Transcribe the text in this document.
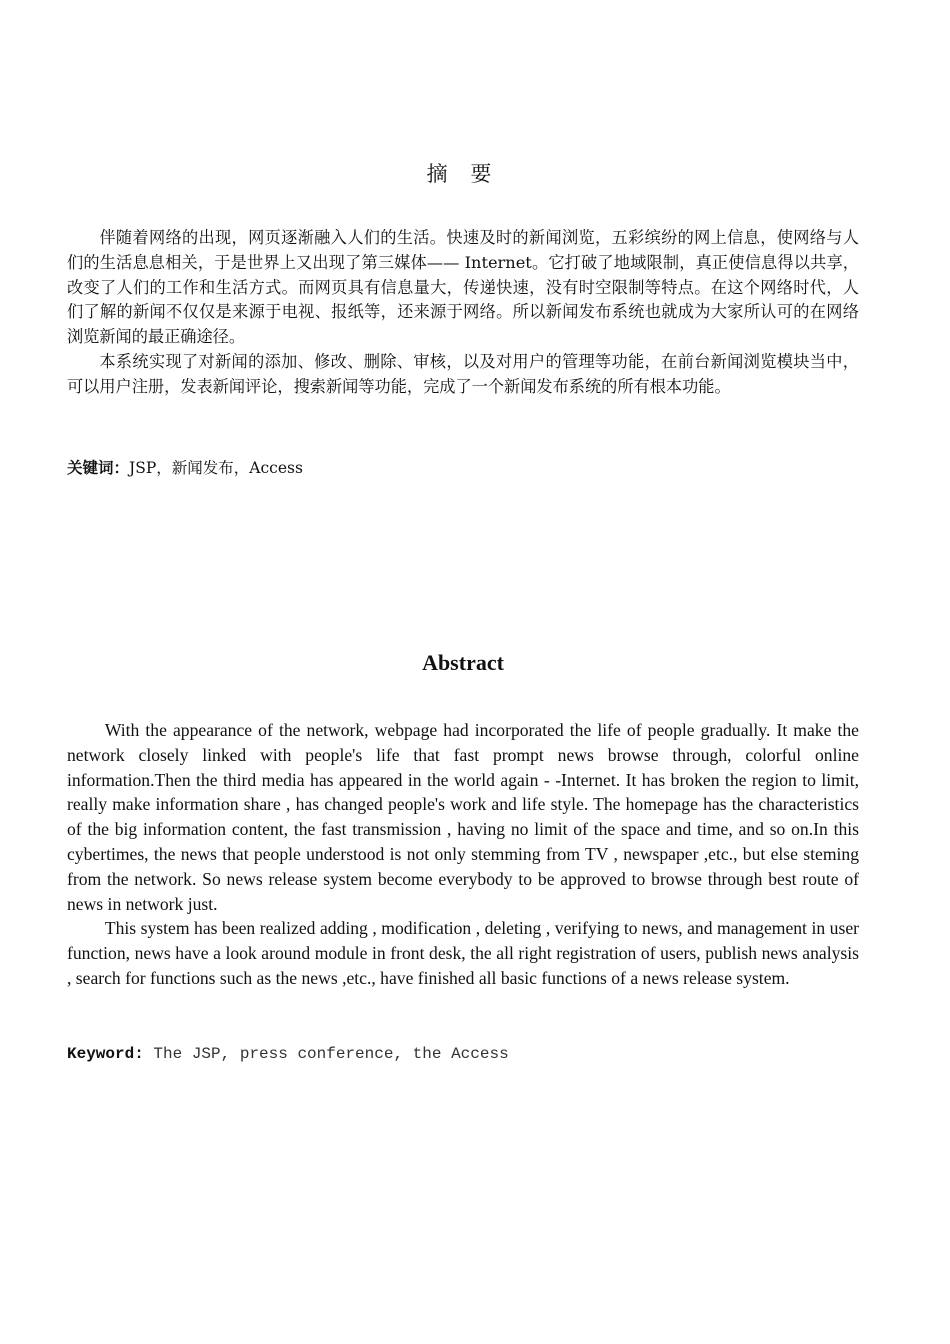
摘 要

伴随着网络的出现，网页逐渐融入人们的生活。快速及时的新闻浏览，五彩缤纷的网上信息，使网络与人们的生活息息相关，于是世界上又出现了第三媒体—— Internet。它打破了地域限制，真正使信息得以共享，改变了人们的工作和生活方式。而网页具有信息量大，传递快速，没有时空限制等特点。在这个网络时代，人们了解的新闻不仅仅是来源于电视、报纸等，还来源于网络。所以新闻发布系统也就成为大家所认可的在网络浏览新闻的最正确途径。

本系统实现了对新闻的添加、修改、删除、审核，以及对用户的管理等功能，在前台新闻浏览模块当中，可以用户注册，发表新闻评论，搜索新闻等功能，完成了一个新闻发布系统的所有根本功能。

关键词：JSP，新闻发布，Access
Abstract

With the appearance of the network, webpage had incorporated the life of people gradually. It make the network closely linked with people's life that fast prompt news browse through, colorful online information.Then the third media has appeared in the world again - -Internet. It has broken the region to limit, really make information share , has changed people's work and life style. The homepage has the characteristics of the big information content, the fast transmission , having no limit of the space and time, and so on.In this cybertimes, the news that people understood is not only stemming from TV , newspaper ,etc., but else steming from the network. So news release system become everybody to be approved to browse through best route of news in network just.

This system has been realized adding , modification , deleting , verifying to news, and management in user function, news have a look around module in front desk, the all right registration of users, publish news analysis , search for functions such as the news ,etc., have finished all basic functions of a news release system.

Keyword: The JSP, press conference, the Access
